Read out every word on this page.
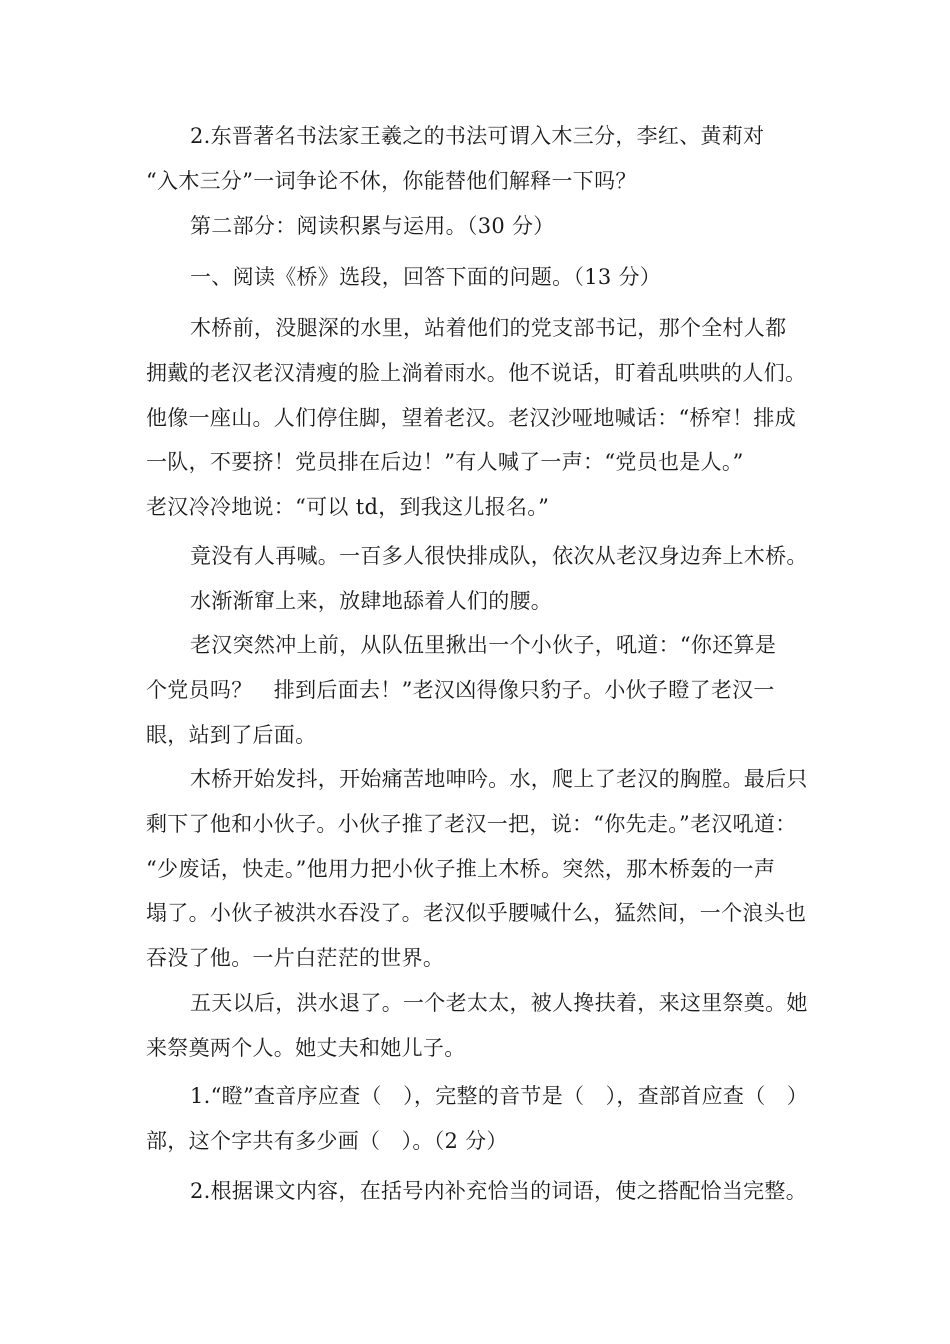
2.东晋著名书法家王羲之的书法可谓入木三分，李红、黄莉对
“入木三分”一词争论不休，你能替他们解释一下吗？
第二部分：阅读积累与运用。（30 分）
一、阅读《桥》选段，回答下面的问题。（13 分）
木桥前，没腿深的水里，站着他们的党支部书记，那个全村人都
拥戴的老汉老汉清瘦的脸上淌着雨水。他不说话，盯着乱哄哄的人们。
他像一座山。人们停住脚，望着老汉。老汉沙哑地喊话：“桥窄！排成
一队，不要挤！党员排在后边！”有人喊了一声：“党员也是人。”
老汉冷冷地说：“可以 td，到我这儿报名。”
竟没有人再喊。一百多人很快排成队，依次从老汉身边奔上木桥。
水渐渐窜上来，放肆地舔着人们的腰。
老汉突然冲上前，从队伍里揪出一个小伙子，吼道：“你还算是
个党员吗？　排到后面去！”老汉凶得像只豹子。小伙子瞪了老汉一
眼，站到了后面。
木桥开始发抖，开始痛苦地呻吟。水，爬上了老汉的胸膛。最后只
剩下了他和小伙子。小伙子推了老汉一把，说：“你先走。”老汉吼道：
“少废话，快走。”他用力把小伙子推上木桥。突然，那木桥轰的一声
塌了。小伙子被洪水吞没了。老汉似乎腰喊什么，猛然间，一个浪头也
吞没了他。一片白茫茫的世界。
五天以后，洪水退了。一个老太太，被人搀扶着，来这里祭奠。她
来祭奠两个人。她丈夫和她儿子。
1.“瞪”查音序应查（　），完整的音节是（　），查部首应查（　）
部，这个字共有多少画（　）。（2 分）
2.根据课文内容，在括号内补充恰当的词语，使之搭配恰当完整。
